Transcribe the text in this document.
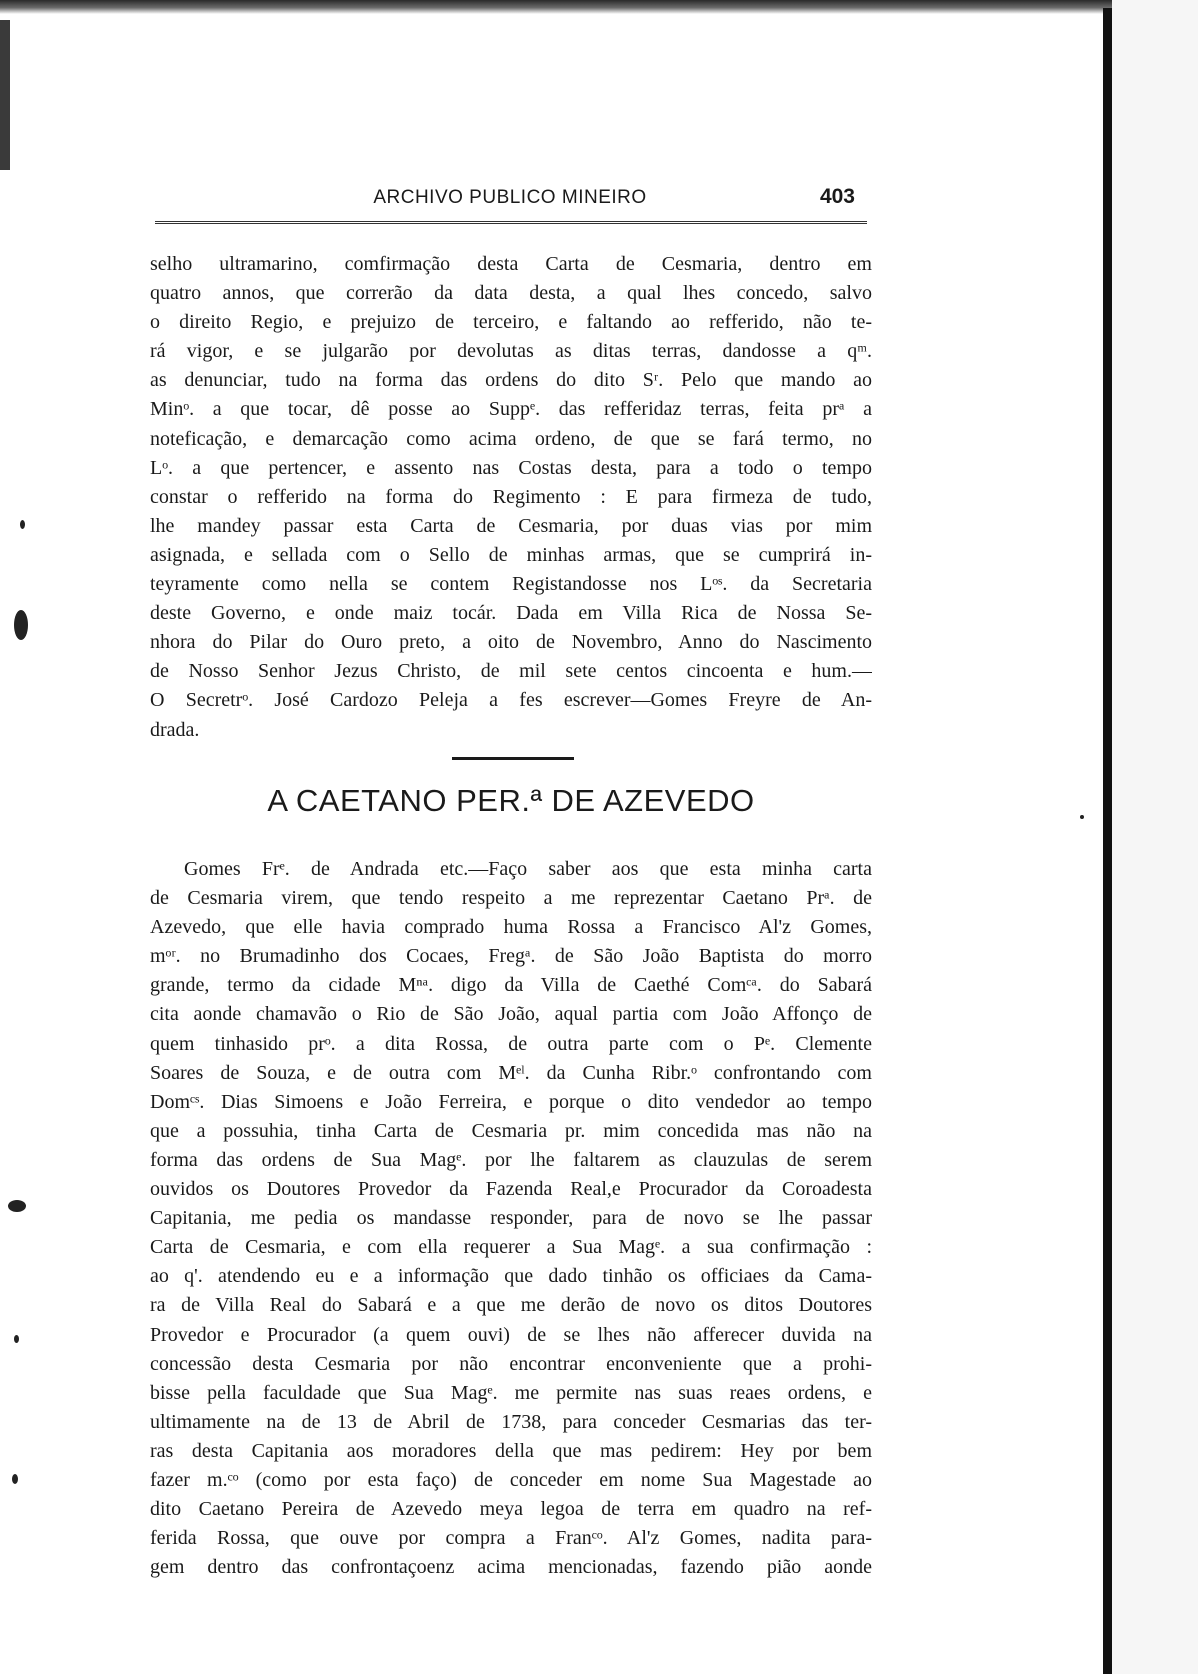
ARCHIVO PUBLICO MINEIRO	403
selho ultramarino, comfirmação desta Carta de Cesmaria, dentro em
quatro annos, que correrão da data desta, a qual lhes concedo, salvo
o direito Regio, e prejuizo de terceiro, e faltando ao refferido, não te-
rá vigor, e se julgarão por devolutas as ditas terras, dandosse a qᵐ.
as denunciar, tudo na forma das ordens do dito Sʳ. Pelo que mando ao
Minᵒ. a que tocar, dê posse ao Suppᵉ. das refferidaz terras, feita prᵃ a
noteficação, e demarcação como acima ordeno, de que se fará termo, no
Lᵒ. a que pertencer, e assento nas Costas desta, para a todo o tempo
constar o refferido na forma do Regimento : E para firmeza de tudo,
lhe mandey passar esta Carta de Cesmaria, por duas vias por mim
asignada, e sellada com o Sello de minhas armas, que se cumprirá in-
teyramente como nella se contem Registandosse nos Lᵒˢ. da Secretaria
deste Governo, e onde maiz tocár. Dada em Villa Rica de Nossa Se-
nhora do Pilar do Ouro preto, a oito de Novembro, Anno do Nascimento
de Nosso Senhor Jezus Christo, de mil sete centos cincoenta e hum.—
O Secretrᵒ. José Cardozo Peleja a fes escrever—Gomes Freyre de An-
drada.
A CAETANO PER.ª DE AZEVEDO
Gomes Frᵉ. de Andrada etc.—Faço saber aos que esta minha carta
de Cesmaria virem, que tendo respeito a me reprezentar Caetano Prᵃ. de
Azevedo, que elle havia comprado huma Rossa a Francisco Al'z Gomes,
mᵒʳ. no Brumadinho dos Cocaes, Fregᵃ. de São João Baptista do morro
grande, termo da cidade Mⁿᵃ. digo da Villa de Caethé Comᶜᵃ. do Sabará
cita aonde chamavão o Rio de São João, aqual partia com João Affonço de
quem tinhasido prᵒ. a dita Rossa, de outra parte com o Pᵉ. Clemente
Soares de Souza, e de outra com Mᵉˡ. da Cunha Ribr.ᵒ confrontando com
Domᶜˢ. Dias Simoens e João Ferreira, e porque o dito vendedor ao tempo
que a possuhia, tinha Carta de Cesmaria pr. mim concedida mas não na
forma das ordens de Sua Magᵉ. por lhe faltarem as clauzulas de serem
ouvidos os Doutores Provedor da Fazenda Real,e Procurador da Coroadesta
Capitania, me pedia os mandasse responder, para de novo se lhe passar
Carta de Cesmaria, e com ella requerer a Sua Magᵉ. a sua confirmação :
ao q'. atendendo eu e a informação que dado tinhão os officiaes da Cama-
ra de Villa Real do Sabará e a que me derão de novo os ditos Doutores
Provedor e Procurador (a quem ouvi) de se lhes não afferecer duvida na
concessão desta Cesmaria por não encontrar enconveniente que a prohi-
bisse pella faculdade que Sua Magᵉ. me permite nas suas reaes ordens, e
ultimamente na de 13 de Abril de 1738, para conceder Cesmarias das ter-
ras desta Capitania aos moradores della que mas pedirem: Hey por bem
fazer m.ᶜᵒ (como por esta faço) de conceder em nome Sua Magestade ao
dito Caetano Pereira de Azevedo meya legoa de terra em quadro na ref-
ferida Rossa, que ouve por compra a Franᶜᵒ. Al'z Gomes, nadita para-
gem dentro das confrontaçoenz acima mencionadas, fazendo pião aonde
